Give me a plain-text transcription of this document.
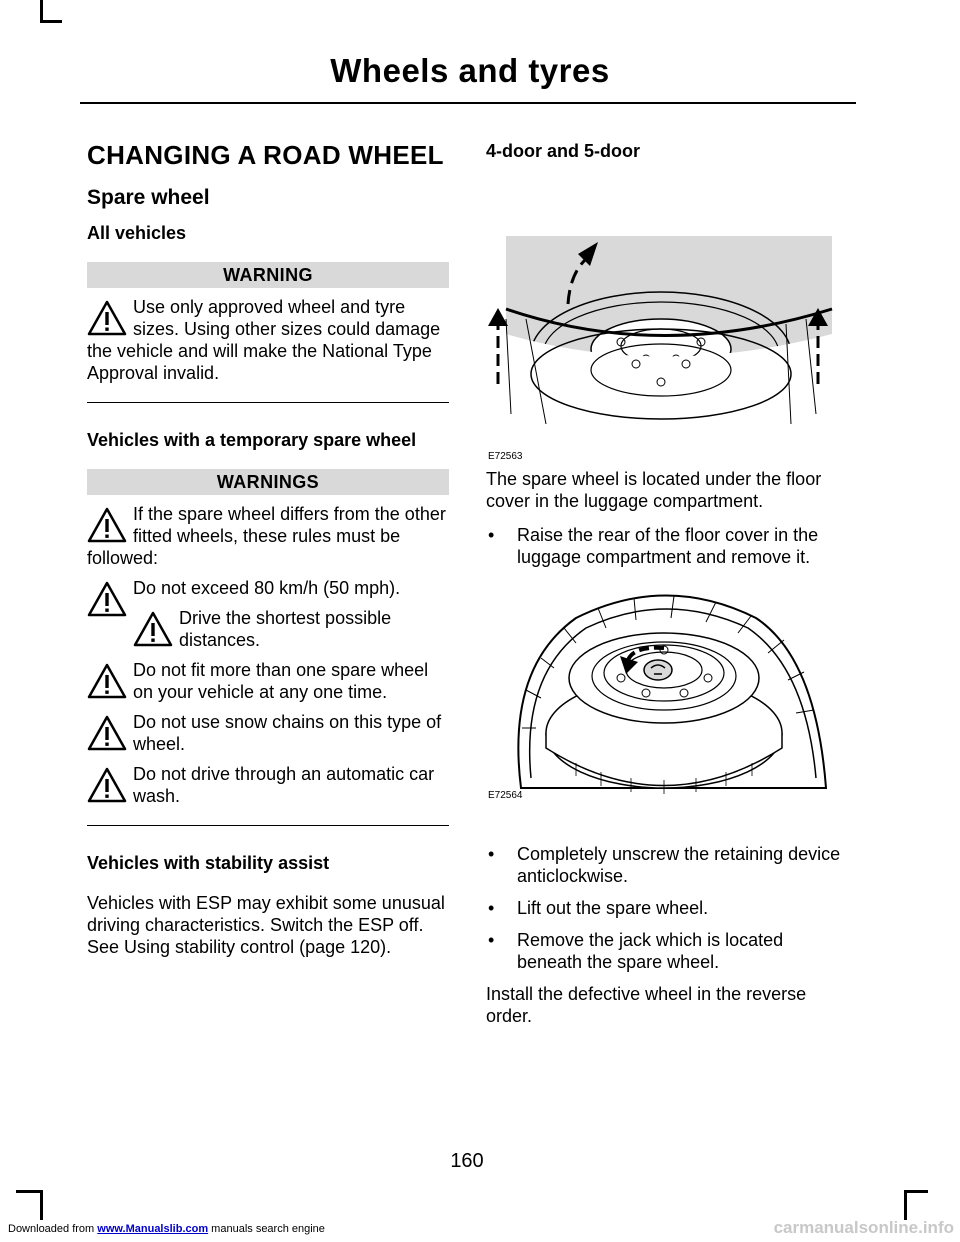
Wheels and tyres
CHANGING A ROAD WHEEL
Spare wheel
All vehicles
WARNING
Use only approved wheel and tyre sizes. Using other sizes could damage the vehicle and will make the National Type Approval invalid.
Vehicles with a temporary spare wheel
WARNINGS
If the spare wheel differs from the other fitted wheels, these rules must be followed:
Do not exceed 80 km/h (50 mph).
Drive the shortest possible distances.
Do not fit more than one spare wheel on your vehicle at any one time.
Do not use snow chains on this type of wheel.
Do not drive through an automatic car wash.
Vehicles with stability assist
Vehicles with ESP may exhibit some unusual driving characteristics. Switch the ESP off. See Using stability control (page 120).
4-door and 5-door
E72563
The spare wheel is located under the floor cover in the luggage compartment.
• Raise the rear of the floor cover in the luggage compartment and remove it.
E72564
• Completely unscrew the retaining device anticlockwise.
• Lift out the spare wheel.
• Remove the jack which is located beneath the spare wheel.
Install the defective wheel in the reverse order.
160
Downloaded from www.Manualslib.com manuals search engine	carmanualsonline.info
